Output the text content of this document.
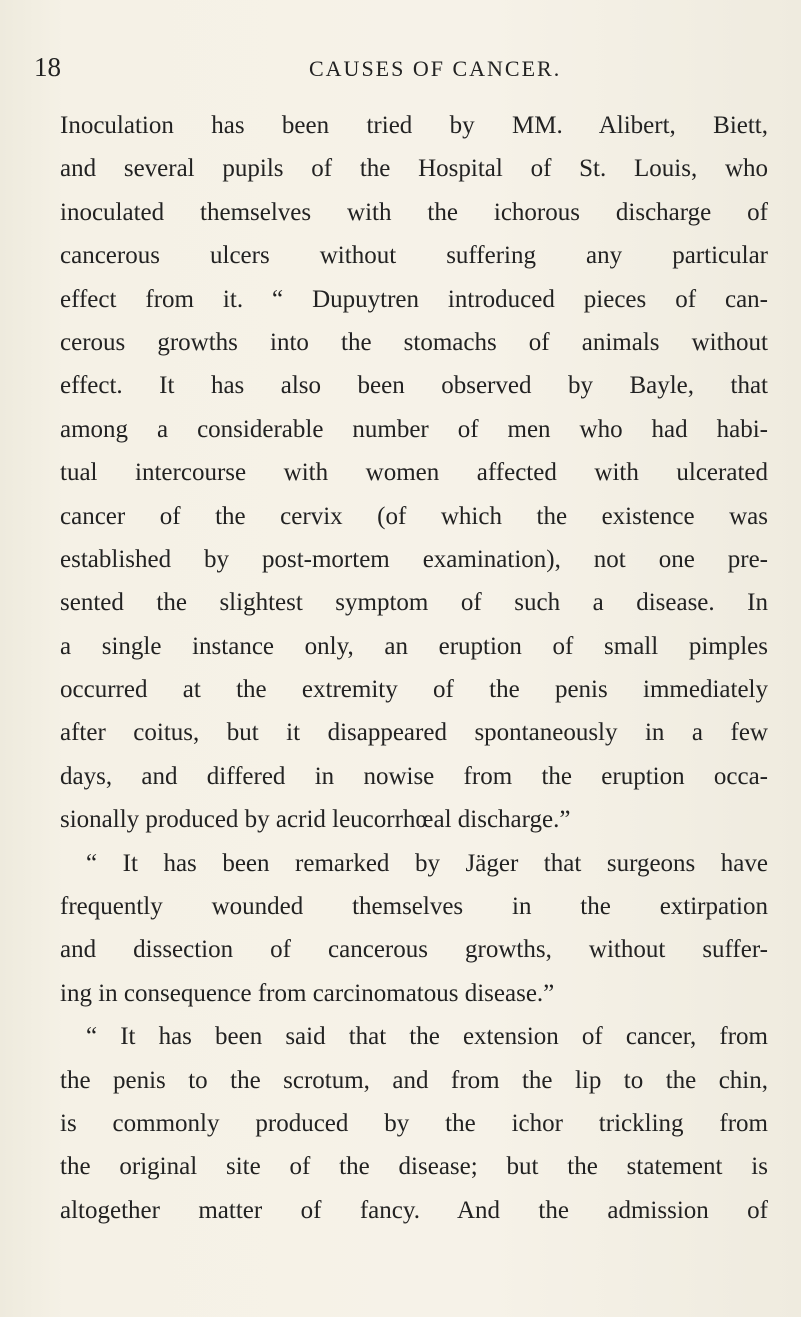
18	CAUSES OF CANCER.
Inoculation has been tried by MM. Alibert, Biett,
and several pupils of the Hospital of St. Louis, who
inoculated themselves with the ichorous discharge of
cancerous ulcers without suffering any particular
effect from it. “ Dupuytren introduced pieces of can-
cerous growths into the stomachs of animals without
effect. It has also been observed by Bayle, that
among a considerable number of men who had habi-
tual intercourse with women affected with ulcerated
cancer of the cervix (of which the existence was
established by post-mortem examination), not one pre-
sented the slightest symptom of such a disease. In
a single instance only, an eruption of small pimples
occurred at the extremity of the penis immediately
after coitus, but it disappeared spontaneously in a few
days, and differed in nowise from the eruption occa-
sionally produced by acrid leucorrhœal discharge.”
“ It has been remarked by Jäger that surgeons have
frequently wounded themselves in the extirpation
and dissection of cancerous growths, without suffer-
ing in consequence from carcinomatous disease.”
“ It has been said that the extension of cancer, from
the penis to the scrotum, and from the lip to the chin,
is commonly produced by the ichor trickling from
the original site of the disease; but the statement is
altogether matter of fancy. And the admission of
